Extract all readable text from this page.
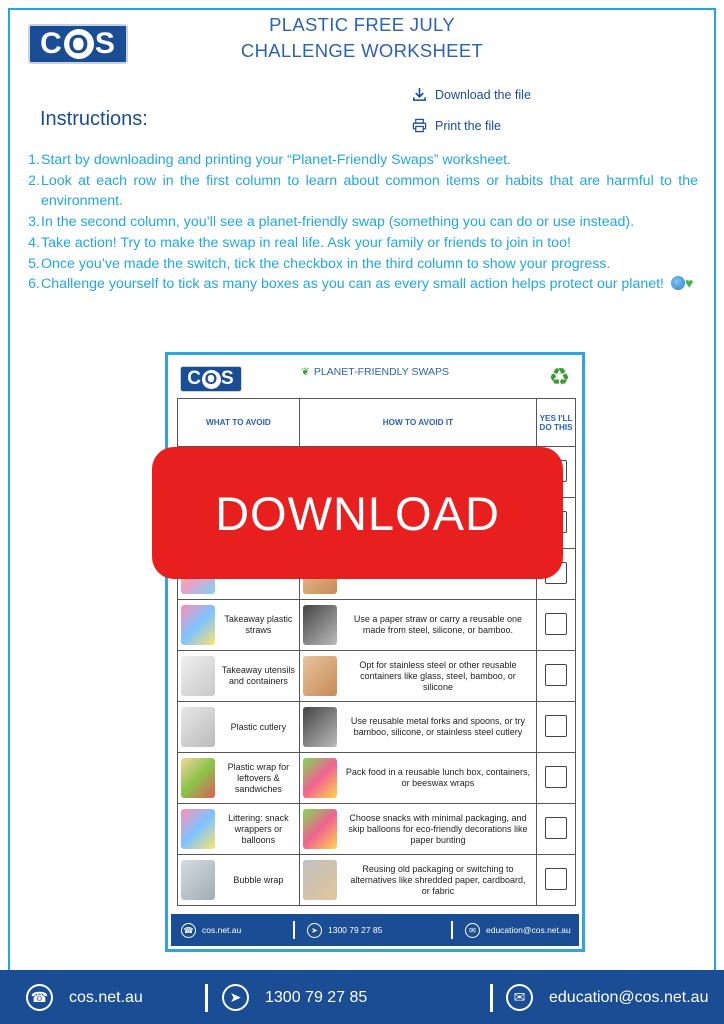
C O S
PLASTIC FREE JULY
CHALLENGE WORKSHEET
Instructions:
Download the file
Print the file
1. Start by downloading and printing your “Planet-Friendly Swaps” worksheet.
2. Look at each row in the first column to learn about common items or habits that are harmful to the environment.
3. In the second column, you’ll see a planet-friendly swap (something you can do or use instead).
4. Take action! Try to make the swap in real life. Ask your family or friends to join in too!
5. Once you’ve made the switch, tick the checkbox in the third column to show your progress.
6. Challenge yourself to tick as many boxes as you can as every small action helps protect our planet! ♥
C O S	❦ PLANET-FRIENDLY SWAPS	♻
WHAT TO AVOID	HOW TO AVOID IT	YES I'LL DO THIS

Takeaway plastic straws	Use a paper straw or carry a reusable one made from steel, silicone, or bamboo.	

Takeaway utensils and containers	Opt for stainless steel or other reusable containers like glass, steel, bamboo, or silicone	

Plastic cutlery	Use reusable metal forks and spoons, or try bamboo, silicone, or stainless steel cutlery	

Plastic wrap for leftovers & sandwiches	Pack food in a reusable lunch box, containers, or beeswax wraps	

Littering: snack wrappers or balloons	Choose snacks with minimal packaging, and skip balloons for eco-friendly decorations like paper bunting	

Bubble wrap	Reusing old packaging or switching to alternatives like shredded paper, cardboard, or fabric	

☎ cos.net.au	➤	1300 79 27 85	✉	education@cos.net.au
DOWNLOAD
☎ cos.net.au	➤	1300 79 27 85	✉	education@cos.net.au
